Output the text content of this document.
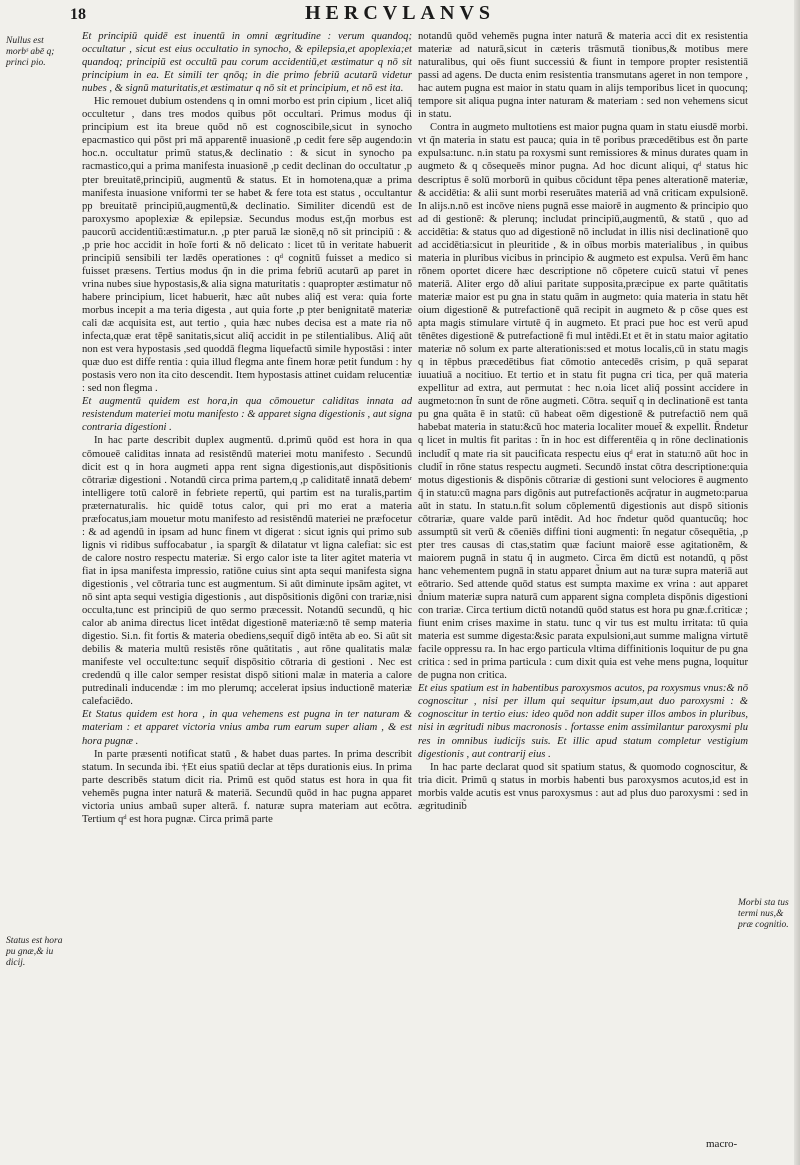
18	HERCVLANVS
Nullus est morbˢ abē q; princi pio.
Status est hora pu gnæ,& iu dicij.
Morbi sta tus termi nus,& præ cognitio.

Et principiū quidē est inuentū in omni ægritudine : verum quandoq; occultatur , sicut est eius occultatio in synocho, & epilepsia,et apoplexia;et quandoq; principiū est occultū pau corum accidentiū,et æstimatur q nō sit principium in ea. Et simili ter qnōq; in die primo febriū acutarū videtur nubes , & signū maturitatis,et æstimatur q nō sit et principium, et nō est ita.

Hic remouet dubium ostendens q in omni morbo est prin cipium , licet aliq̃ occultetur , dans tres modos quibus pōt occultari. Primus modus q̃i principium est ita breue quōd nō est cognoscibile,sicut in synocho epacmastico qui pōst pri mā apparentē inuasionē ,p cedit fere sēp augendo:in hoc.n. occultatur primū status,& declinatio : & sicut in synocho pa racmastico,qui a prima manifesta inuasionē ,p cedit declinan do occultatur ,p pter breuitatē,principiū, augmentū & status. Et in homotena,quæ a prima manifesta inuasione vniformi ter se habet & fere tota est status , occultantur pp breuitatē principiū,augmentū,& declinatio. Similiter dicendū est de paroxysmo apoplexiæ & epilepsiæ. Secundus modus est,q̃n morbus est paucorū accidentiū:æstimatur.n. ,p pter paruā læ sionē,q nō sit principiū : & ,p prie hoc accidit in hoīe forti & nō delicato : licet tū in veritate habuerit principiū sensibili ter lædēs operationes : qᵈ cognitū fuisset a medico si fuisset præsens. Tertius modus q̃n in die prima febriū acutarū ap paret in vrina nubes siue hypostasis,& alia signa maturitatis : quapropter æstimatur nō habere principium, licet habuerit, hæc aūt nubes aliq̃ est vera: quia forte morbus incepit a ma teria digesta , aut quia forte ,p pter benignitatē materiæ cali dæ acquisita est, aut tertio , quia hæc nubes decisa est a mate ria nō infecta,quæ erat tēpē sanitatis,sicut aliq̃ accidit in pe stilentialibus. Aliq̃ aūt non est vera hypostasis ,sed quoddā flegma liquefactū simile hypostāsi : inter quæ duo est diffe rentia : quia illud flegma ante finem horæ petit fundum : hy postasis vero non ita cito descendit. Item hypostasis attinet cuidam relucentiæ : sed non flegma .

Et augmentū quidem est hora,in qua cōmouetur caliditas innata ad resistendum materiei motu manifesto : & apparet signa digestionis , aut signa contraria digestioni .

In hac parte describit duplex augmentū. d.primū quōd est hora in qua cōmoueē caliditas innata ad resistēndū materiei motu manifesto . Secundū dicit est q in hora augmeti appa rent signa digestionis,aut dispōsitionis cōtrariæ digestioni . Notandū circa prima partem,q ,p caliditatē innatā debemʳ intelligere totū calorē in febriete repertū, qui partim est na turalis,partim præternaturalis. hic quidē totus calor, qui pri mo erat a materia præfocatus,iam mouetur motu manifesto ad resistēndū materiei ne præfocetur : & ad agendū in ipsam ad hunc finem vt digerat : sicut ignis qui primo sub lignis vi ridibus suffocabatur , ia spargīt & dilatatur vt ligna calefiat: sic est de calore nostro respectu materiæ. Si ergo calor iste ta liter agitet materia vt fiat in ipsa manifesta impressio, ratiōne cuius sint apta sequi manifesta signa digestionis , vel cōtraria tunc est augmentum. Si aūt diminute ipsām agitet, vt nō sint apta sequi vestigia digestionis , aut dispōsitionis digōni con trariæ,nisi occulta,tunc est principiū de quo sermo præcessit. Notandū secundū, q hic calor ab anima directus licet intēdat digestionē materiæ:nō tē semp materia digestio. Si.n. fit fortis & materia obediens,sequit̃ digō intēta ab eo. Si aūt sit debilis & materia multū resistēs rōne quātitatis , aut rōne qualitatis malæ manifeste vel occulte:tunc sequit̃ dispōsitio cōtraria di gestioni . Nec est credendū q ille calor semper resistat dispō sitioni malæ in materia a calore putredinali inducendæ : im mo plerumq; accelerat ipsius inductionē materiæ calefaciēdo.

Et Status quidem est hora , in qua vehemens est pugna in ter naturam & materiam : et apparet victoria vnius amba rum earum super aliam , & est hora pugnæ .

In parte præsenti notificat statū , & habet duas partes. In prima describit statum. In secunda ibi. †Et eius spatiū declar at tēps durationis eius. In prima parte describēs statum dicit ria. Primū est quōd status est hora in qua fit vehemēs pugna inter naturā & materiā. Secundū quōd in hac pugna apparet victoria unius ambaū super alterā. f. naturæ supra materiam aut ecōtra. Tertium qᵈ est hora pugnæ. Circa primā parte

notandū quōd vehemēs pugna inter naturā & materia acci dit ex resistentia materiæ ad naturā,sicut in cæteris trāsmutā tionibus,& motibus mere naturalibus, qui oēs fiunt successiú & fiunt in tempore propter resistentiā passi ad agens. De ducta enim resistentia transmutans ageret in non tempore , hac autem pugna est maior in statu quam in alijs temporibus licet in quocunq; tempore sit aliqua pugna inter naturam & materiam : sed non vehemens sicut in statu.

Contra in augmeto multotiens est maior pugna quam in statu eiusdē morbi. vt q̃n materia in statu est pauca; quia in tē poribus præcedētibus est ðn parte expulsa:tunc. n.in statu pa roxysmi sunt remissiores & minus durates quam in augmeto & q cōsequeēs minor pugna. Ad hoc dicunt aliqui, qᵈ status hic descriptus ē solū morborū in quibus cōcidunt tēpa penes alterationē materiæ, & accidētia: & alii sunt morbi reseruātes materiā ad vnā criticam expulsionē. In alijs.n.nō est incōve niens pugnā esse maiorē in augmento & principio quo ad di gestionē: & plerunq; includat principiū,augmentū, & statū , quo ad accidētia: & status quo ad digestionē nō includat in illis nisi declinationē quo ad accidētia:sicut in pleuritide , & in oībus morbis materialibus , in quibus materia in pluribus vicibus in principio & augmeto est expulsa. Verū ēm hanc rōnem oportet dicere hæc descriptione nō cōpetere cuicũ statui vt̃ penes materiā. Aliter ergo dð aliui paritate supposita,præcipue ex parte quātitatis materiæ maior est pu gna in statu quām in augmeto: quia materia in statu hēt oium digestionē & putrefactionē quā recipit in augmeto & p cōse ques est apta magis stimulare virtutē q̃ in augmeto. Et praci pue hoc est verū apud tēnētes digestionē & putrefactionē fi mul intēdi.Et et ēt in statu maior agitatio materiæ nō solum ex parte alterationis:sed et motus localis,cū in statu magis q in tēpbus præcedētibus fiat cōmotio antecedēs crisim, p quā separat iuuatiuā a nocitiuo. Et tertio et in statu fit pugna cri tica, per quā materia expellitur ad extra, aut permutat : hec n.oia licet aliq̃ possint accidere in augmeto:non t̃n sunt de rōne augmeti. Cōtra. sequit̃ q in declinationē est tanta pu gna quāta ē in statū: cū habeat oēm digestionē & putrefactiō nem quā habebat materia in statu:&cū hoc materia localiter mouet̃ & expellit. R̃ndetur q licet in multis fit paritas : t̃n in hoc est differentēia q in rōne declinationis includit̃ q mate ria sit paucificata respectu eius qᵈ erat in statu:nō aūt hoc in cludit̃ in rōne status respectu augmeti. Secundō instat cōtra descriptione:quia motus digestionis & dispōnis cōtrariæ di gestioni sunt velociores ē augmento q̃ in statu:cū magna pars digōnis aut putrefactionēs acq̃ratur in augmeto:parua aūt in statu. In statu.n.fit solum cōplementū digestionis aut dispō sitionis cōtrariæ, quare valde parū intēdit. Ad hoc r̃ndetur quōd quantucūq; hoc assumptū sit verū & cōeniēs diffini tioni augmenti: t̃n negatur cōsequētia, ,p pter tres causas di ctas,statim quæ faciunt maiorē esse agitationēm, & maiorem pugnā in statu q̃ in augmeto. Circa ēm dictū est notandū, q pōst hanc vehementem pugnā in statu apparet d̃nium aut na turæ supra materiā aut eōtrario. Sed attende quōd status est sumpta maxime ex vrina : aut apparet d̃nium materiæ supra naturā cum apparent signa completa dispōnis digestioni con trariæ. Circa tertium dictū notandū quōd status est hora pu gnæ.f.criticæ ; fiunt enim crises maxime in statu. tunc q vir tus est multu irritata: tū quia materia est summe digesta:&sic parata expulsioni,aut summe maligna virtutē facile oppressu ra. In hac ergo particula vltima diffinitionis loquitur de pu gna critica : sed in prima particula : cum dixit quia est vehe mens pugna, loquitur de pugna non critica.

Et eius spatium est in habentibus paroxysmos acutos, pa roxysmus vnus:& nō cognoscitur , nisi per illum qui sequitur ipsum,aut duo paroxysmi : & cognoscitur in tertio eius: ideo quōd non addit super illos ambos in pluribus, nisi in ægritudi nibus macronosis . fortasse enim assimilantur paroxysmi plu res in omnibus iudicijs suis. Et illic apud statum completur vestigium digestionis , aut contrarij eius .

In hac parte declarat quod sit spatium status, & quomodo cognoscitur, & tria dicit. Primū q status in morbis habenti bus paroxysmos acutos,id est in morbis valde acutis est vnus paroxysmus : aut ad plus duo paroxysmi : sed in ægritudinib̃

macro-
